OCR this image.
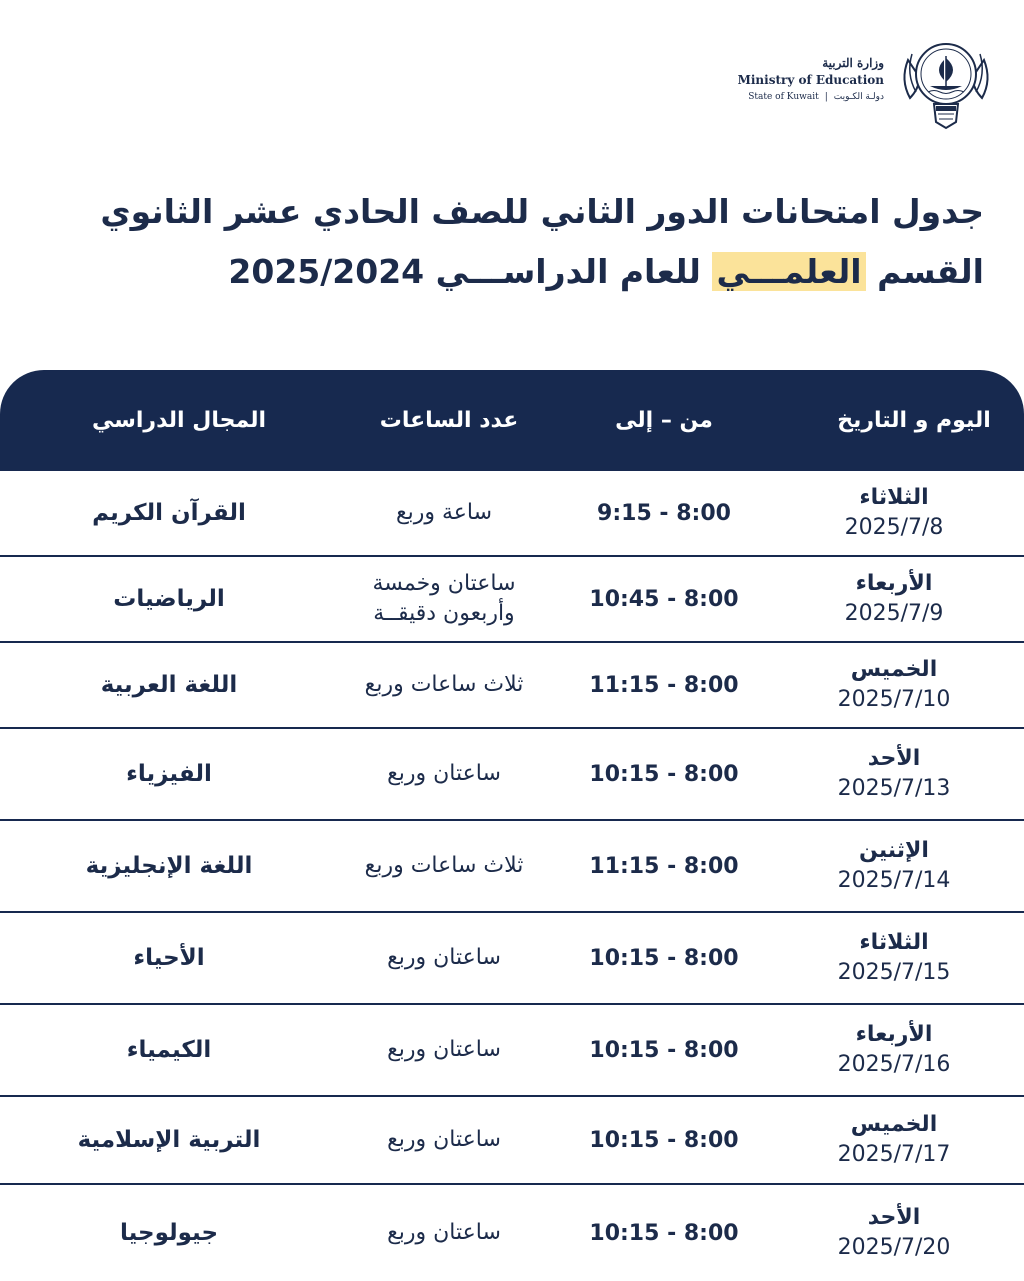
وزارة التربية
Ministry of Education
State of Kuwait | دولـة الكـويت
جدول امتحانات الدور الثاني للصف الحادي عشر الثانوي
القسم العلمـــي للعام الدراســـي 2025/2024
اليوم و التاريخ
من – إلى
عدد الساعات
المجال الدراسي
الثلاثاء
2025/7/8
9:15 - 8:00
ساعة وربع
القرآن الكريم
الأربعاء
2025/7/9
10:45 - 8:00
ساعتان وخمسة وأربعون دقيقــة
الرياضيات
الخميس
2025/7/10
11:15 - 8:00
ثلاث ساعات وربع
اللغة العربية
الأحد
2025/7/13
10:15 - 8:00
ساعتان وربع
الفيزياء
الإثنين
2025/7/14
11:15 - 8:00
ثلاث ساعات وربع
اللغة الإنجليزية
الثلاثاء
2025/7/15
10:15 - 8:00
ساعتان وربع
الأحياء
الأربعاء
2025/7/16
10:15 - 8:00
ساعتان وربع
الكيمياء
الخميس
2025/7/17
10:15 - 8:00
ساعتان وربع
التربية الإسلامية
الأحد
2025/7/20
10:15 - 8:00
ساعتان وربع
جيولوجيا
